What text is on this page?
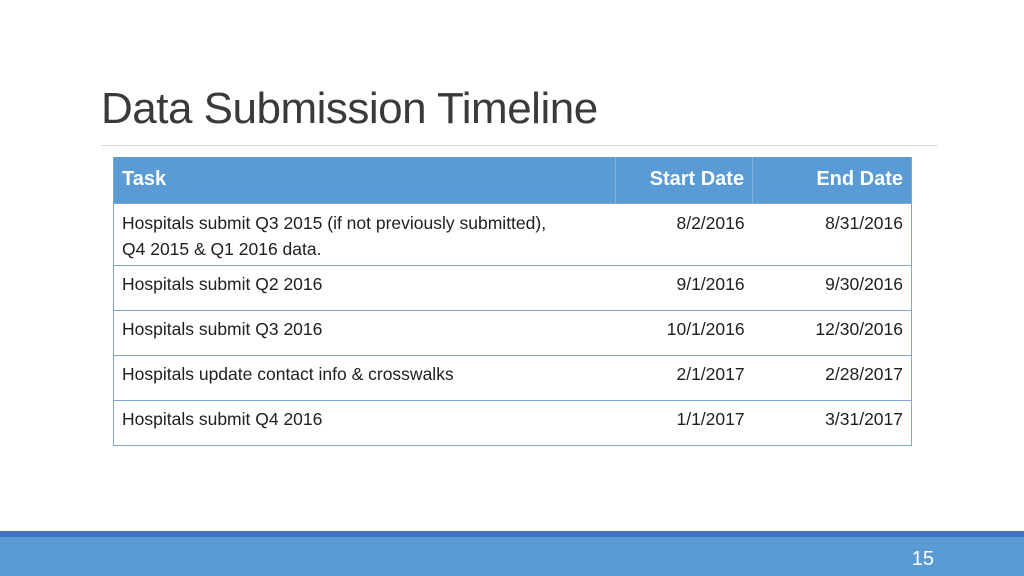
Data Submission Timeline
Task	Start Date	End Date

Hospitals submit Q3 2015 (if not previously submitted),
Q4 2015 & Q1 2016 data.	8/2/2016	8/31/2016
Hospitals submit Q2 2016	9/1/2016	9/30/2016
Hospitals submit Q3 2016	10/1/2016	12/30/2016
Hospitals update contact info & crosswalks	2/1/2017	2/28/2017
Hospitals submit Q4 2016	1/1/2017	3/31/2017
15
